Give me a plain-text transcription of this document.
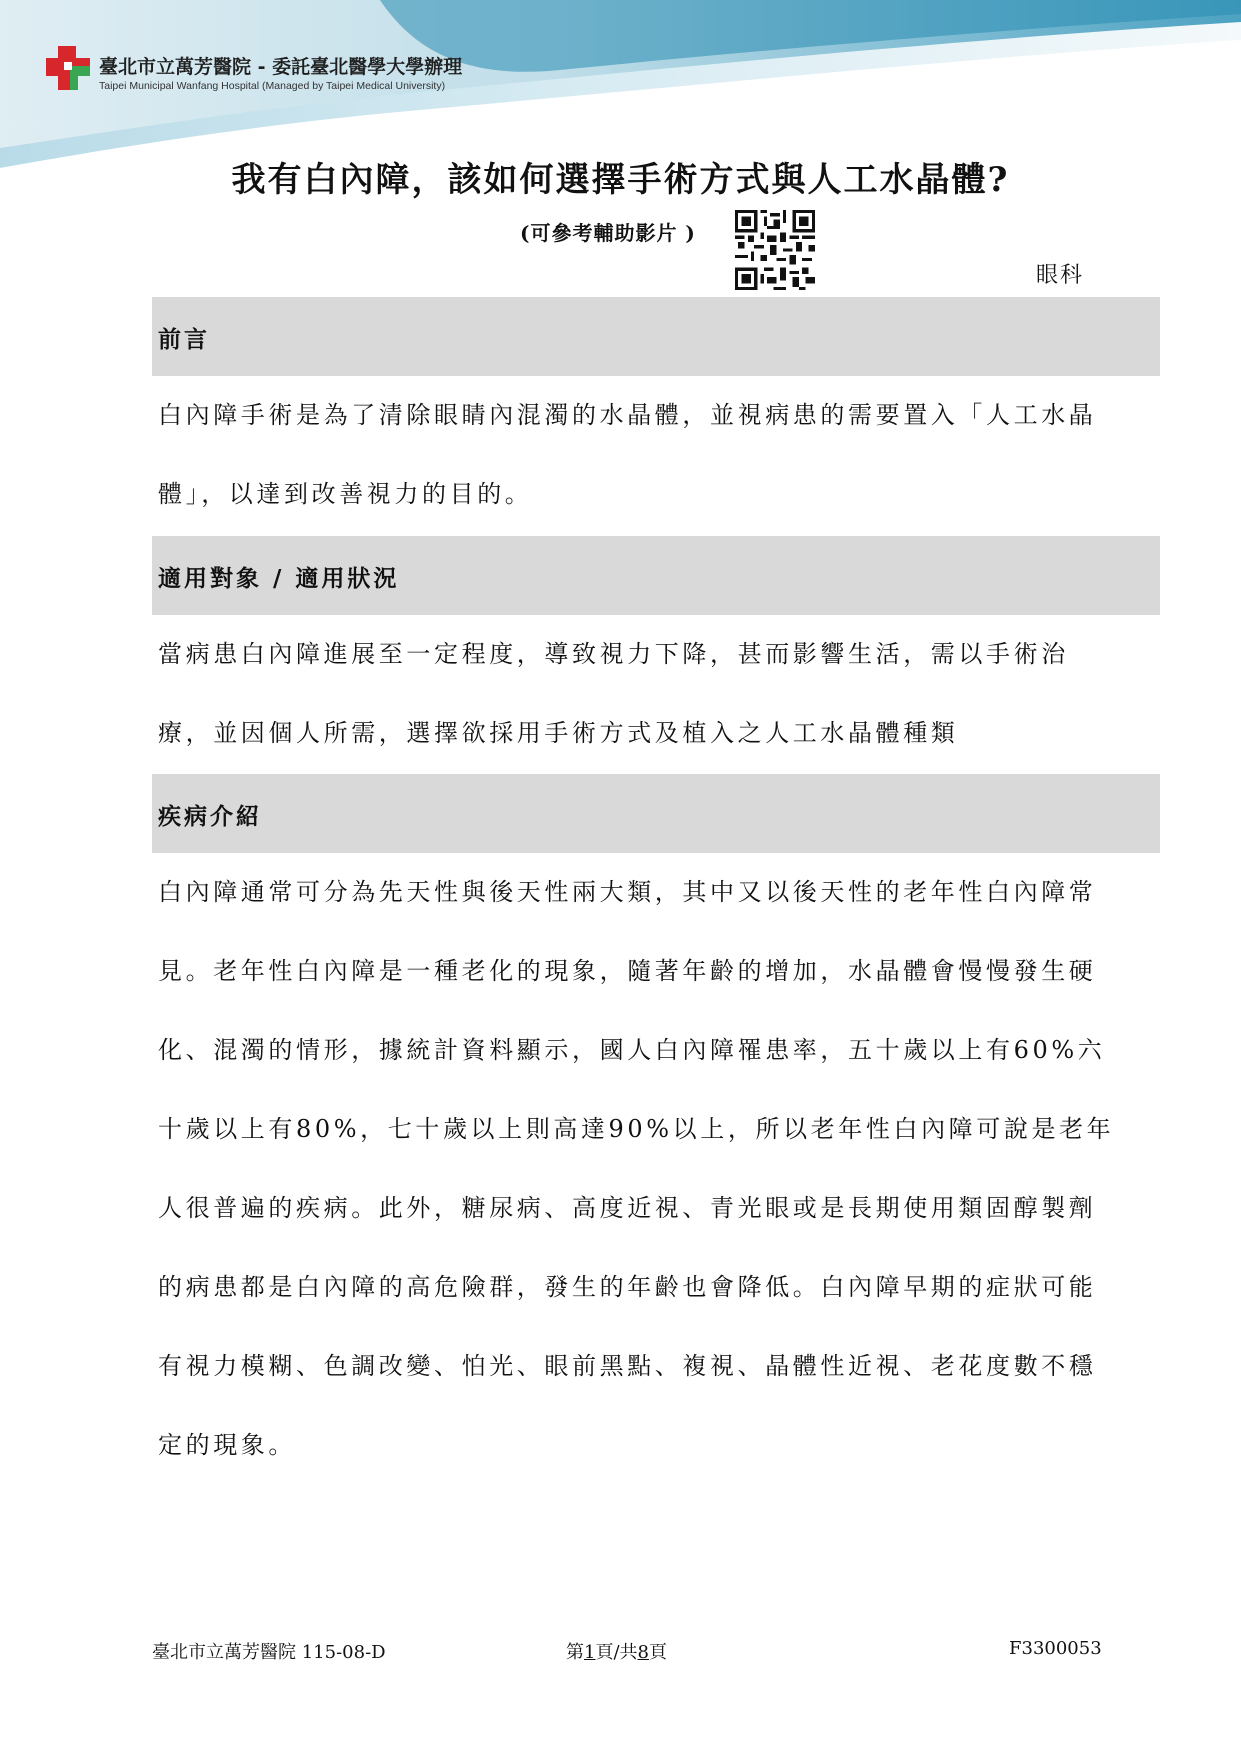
臺北市立萬芳醫院 - 委託臺北醫學大學辦理
Taipei Municipal Wanfang Hospital (Managed by Taipei Medical University)
我有白內障，該如何選擇手術方式與人工水晶體?
(可參考輔助影片 )
眼科
前言
白內障手術是為了清除眼睛內混濁的水晶體，並視病患的需要置入「人工水晶
體」，以達到改善視力的目的。
適用對象 / 適用狀況
當病患白內障進展至一定程度，導致視力下降，甚而影響生活，需以手術治
療，並因個人所需，選擇欲採用手術方式及植入之人工水晶體種類
疾病介紹
白內障通常可分為先天性與後天性兩大類，其中又以後天性的老年性白內障常
見。老年性白內障是一種老化的現象，隨著年齡的增加，水晶體會慢慢發生硬
化、混濁的情形，據統計資料顯示，國人白內障罹患率，五十歲以上有60%六
十歲以上有80%，七十歲以上則高達90%以上，所以老年性白內障可說是老年
人很普遍的疾病。此外，糖尿病、高度近視、青光眼或是長期使用類固醇製劑
的病患都是白內障的高危險群，發生的年齡也會降低。白內障早期的症狀可能
有視力模糊、色調改變、怕光、眼前黑點、複視、晶體性近視、老花度數不穩
定的現象。
臺北市立萬芳醫院 115-08-D	第1頁/共8頁	F3300053
